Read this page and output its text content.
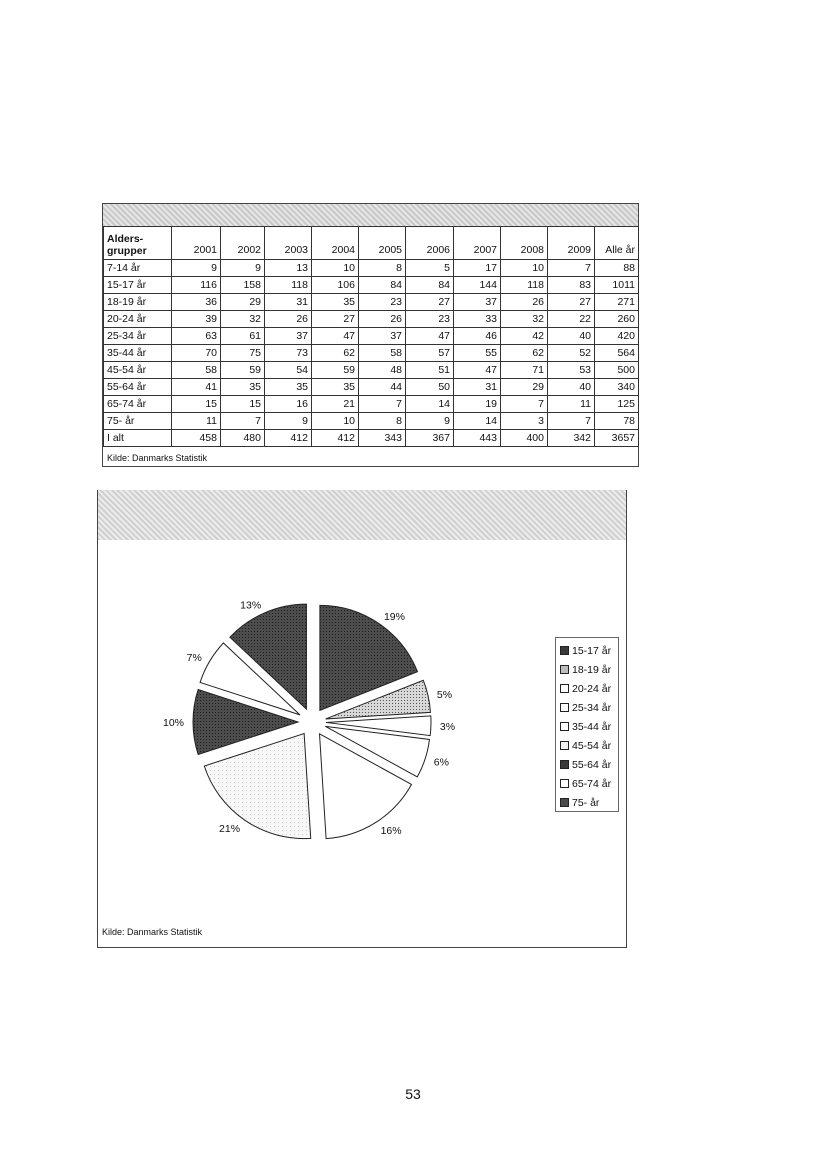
Alders-
grupper	2001	2002	2003	2004	2005	2006	2007	2008	2009	Alle år
7-14 år	9	9	13	10	8	5	17	10	7	88
15-17 år	116	158	118	106	84	84	144	118	83	1011
18-19 år	36	29	31	35	23	27	37	26	27	271
20-24 år	39	32	26	27	26	23	33	32	22	260
25-34 år	63	61	37	47	37	47	46	42	40	420
35-44 år	70	75	73	62	58	57	55	62	52	564
45-54 år	58	59	54	59	48	51	47	71	53	500
55-64 år	41	35	35	35	44	50	31	29	40	340
65-74 år	15	15	16	21	7	14	19	7	11	125
75- år	11	7	9	10	8	9	14	3	7	78
I alt	458	480	412	412	343	367	443	400	342	3657
Kilde: Danmarks Statistik
19%
5%
3%
6%
16%
21%
10%
7%
13%
15-17 år
18-19 år
20-24 år
25-34 år
35-44 år
45-54 år
55-64 år
65-74 år
75- år
Kilde: Danmarks Statistik
53
